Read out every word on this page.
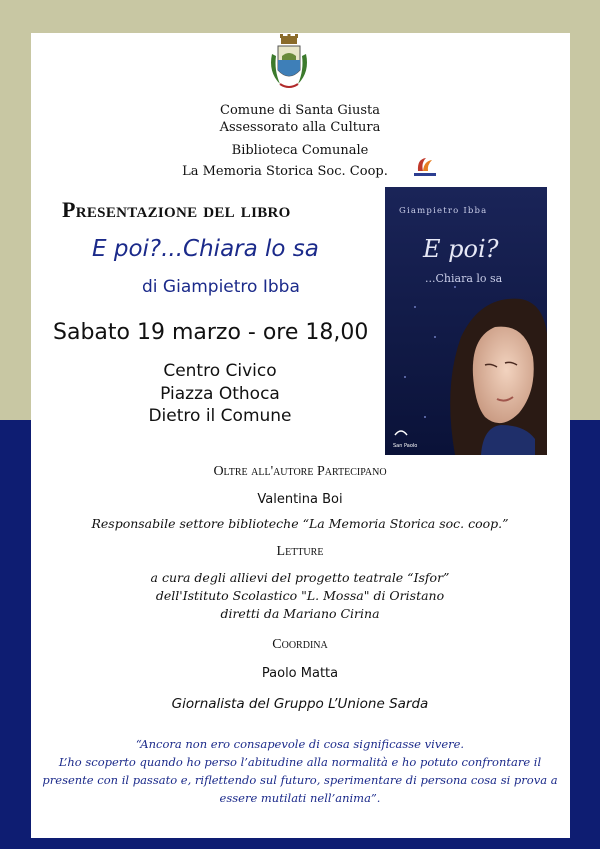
Comune di Santa Giusta
Assessorato alla Cultura
Biblioteca Comunale
La Memoria Storica Soc. Coop.
Presentazione del libro
E poi?...Chiara lo sa
di Giampietro Ibba
Sabato 19 marzo - ore 18,00
Centro Civico
Piazza Othoca
Dietro il Comune
Giampietro Ibba
E poi?
...Chiara lo sa
San Paolo
Oltre all'autore Partecipano
Valentina Boi
Responsabile settore biblioteche “La Memoria Storica soc. coop.”
Letture
a cura degli allievi del progetto teatrale “Isfor”
dell'Istituto Scolastico "L. Mossa" di Oristano
diretti da Mariano Cirina
Coordina
Paolo Matta
Giornalista del Gruppo L’Unione Sarda
“Ancora non ero consapevole di cosa significasse vivere.
L’ho scoperto quando ho perso l’abitudine alla normalità e ho potuto confrontare il
presente con il passato e, riflettendo sul futuro, sperimentare di persona cosa si prova a
essere mutilati nell’anima”.
